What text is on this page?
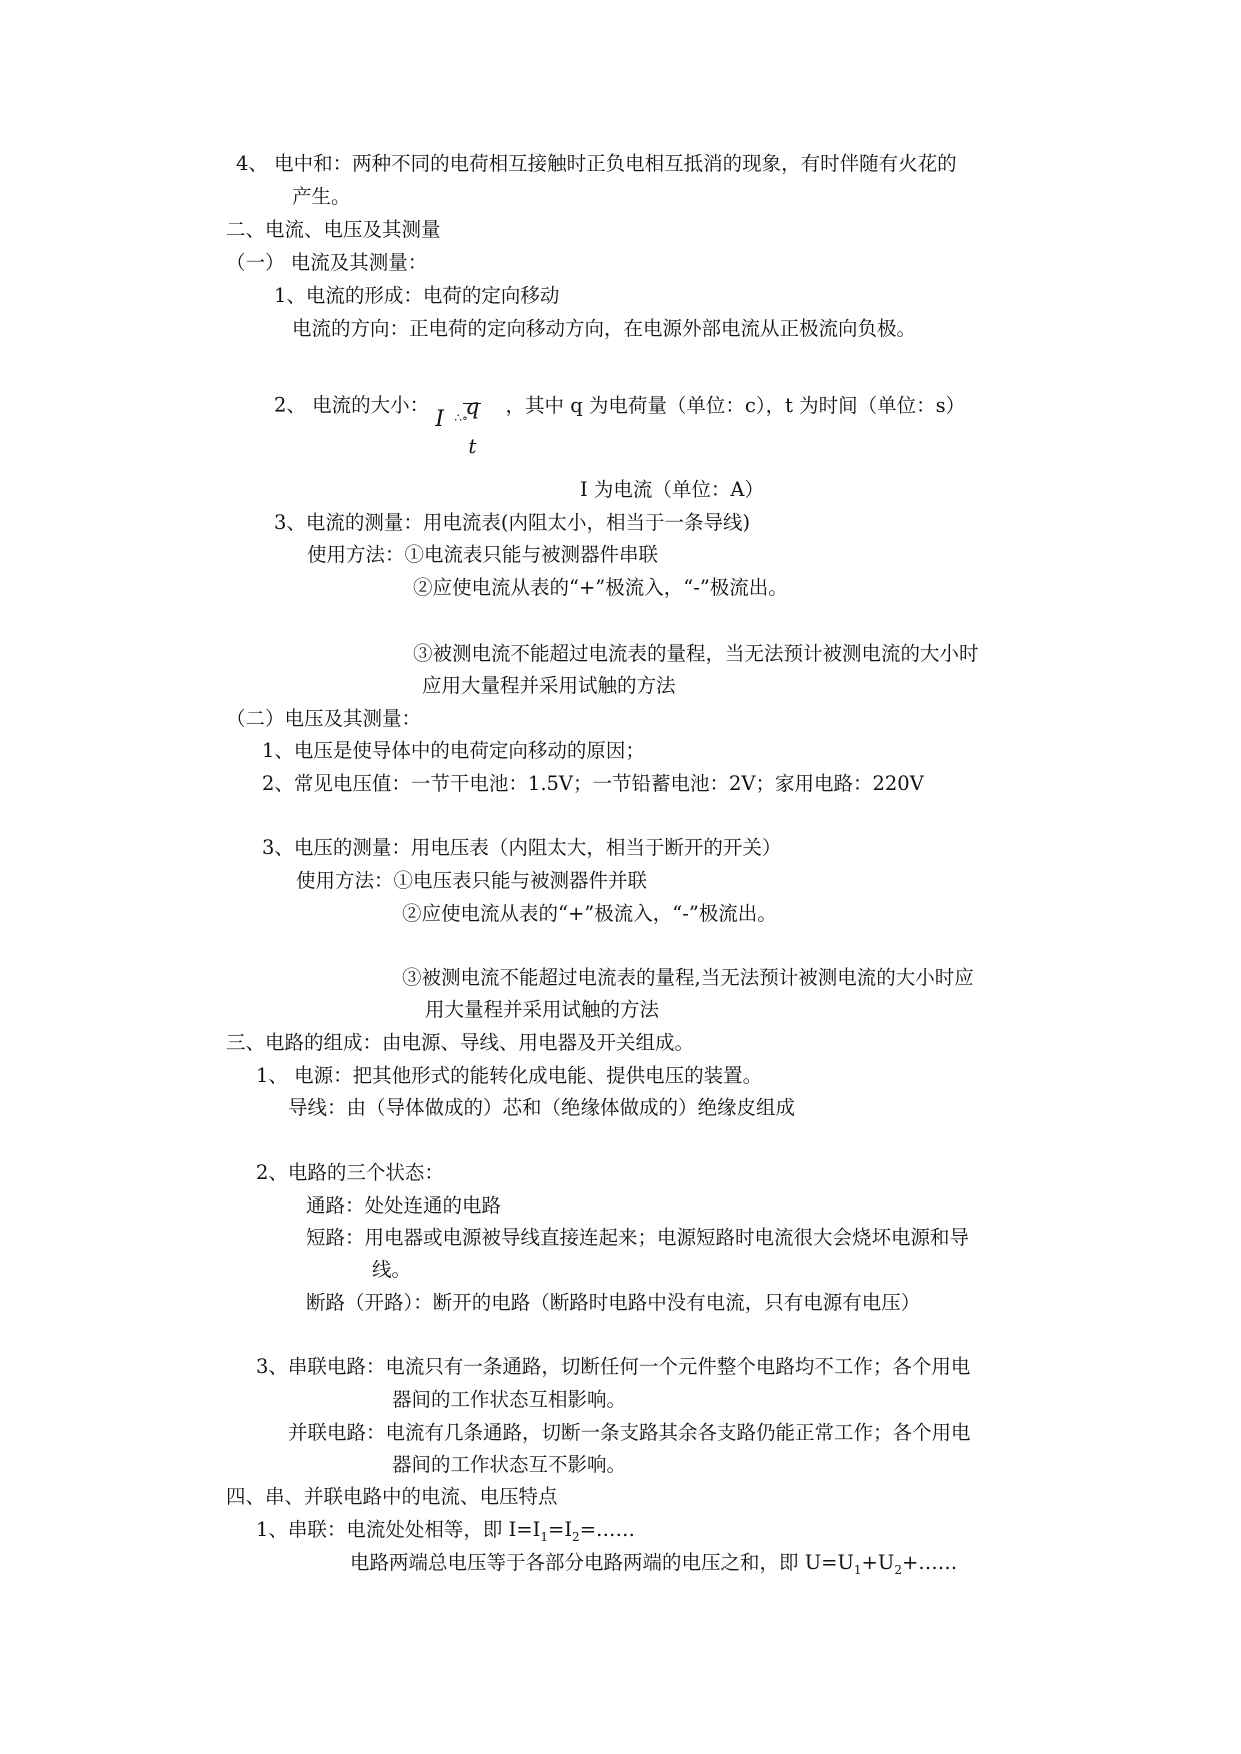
4、 电中和：两种不同的电荷相互接触时正负电相互抵消的现象，有时伴随有火花的
产生。
二、电流、电压及其测量
（一） 电流及其测量：
1、电流的形成：电荷的定向移动
电流的方向：正电荷的定向移动方向，在电源外部电流从正极流向负极。
2、 电流的大小：
I ∴∘
q
t
，其中 q 为电荷量（单位：c），t 为时间（单位：s）
I 为电流（单位：A）
3、电流的测量：用电流表(内阻太小，相当于一条导线)
使用方法：①电流表只能与被测器件串联
②应使电流从表的“+”极流入，“-”极流出。
③被测电流不能超过电流表的量程，当无法预计被测电流的大小时
应用大量程并采用试触的方法
（二）电压及其测量：
1、电压是使导体中的电荷定向移动的原因；
2、常见电压值：一节干电池：1.5V；一节铅蓄电池：2V；家用电路：220V
3、电压的测量：用电压表（内阻太大，相当于断开的开关）
使用方法：①电压表只能与被测器件并联
②应使电流从表的“+”极流入，“-”极流出。
③被测电流不能超过电流表的量程,当无法预计被测电流的大小时应
用大量程并采用试触的方法
三、电路的组成：由电源、导线、用电器及开关组成。
1、 电源：把其他形式的能转化成电能、提供电压的装置。
导线：由（导体做成的）芯和（绝缘体做成的）绝缘皮组成
2、电路的三个状态：
通路：处处连通的电路
短路：用电器或电源被导线直接连起来；电源短路时电流很大会烧坏电源和导
线。
断路（开路）：断开的电路（断路时电路中没有电流，只有电源有电压）
3、串联电路：电流只有一条通路，切断任何一个元件整个电路均不工作；各个用电
器间的工作状态互相影响。
并联电路：电流有几条通路，切断一条支路其余各支路仍能正常工作；各个用电
器间的工作状态互不影响。
四、串、并联电路中的电流、电压特点
1、串联：电流处处相等，即 $I=I_1=I_2=\dots\dots$
电路两端总电压等于各部分电路两端的电压之和，即 $U=U_1+U_2+\dots\dots$
